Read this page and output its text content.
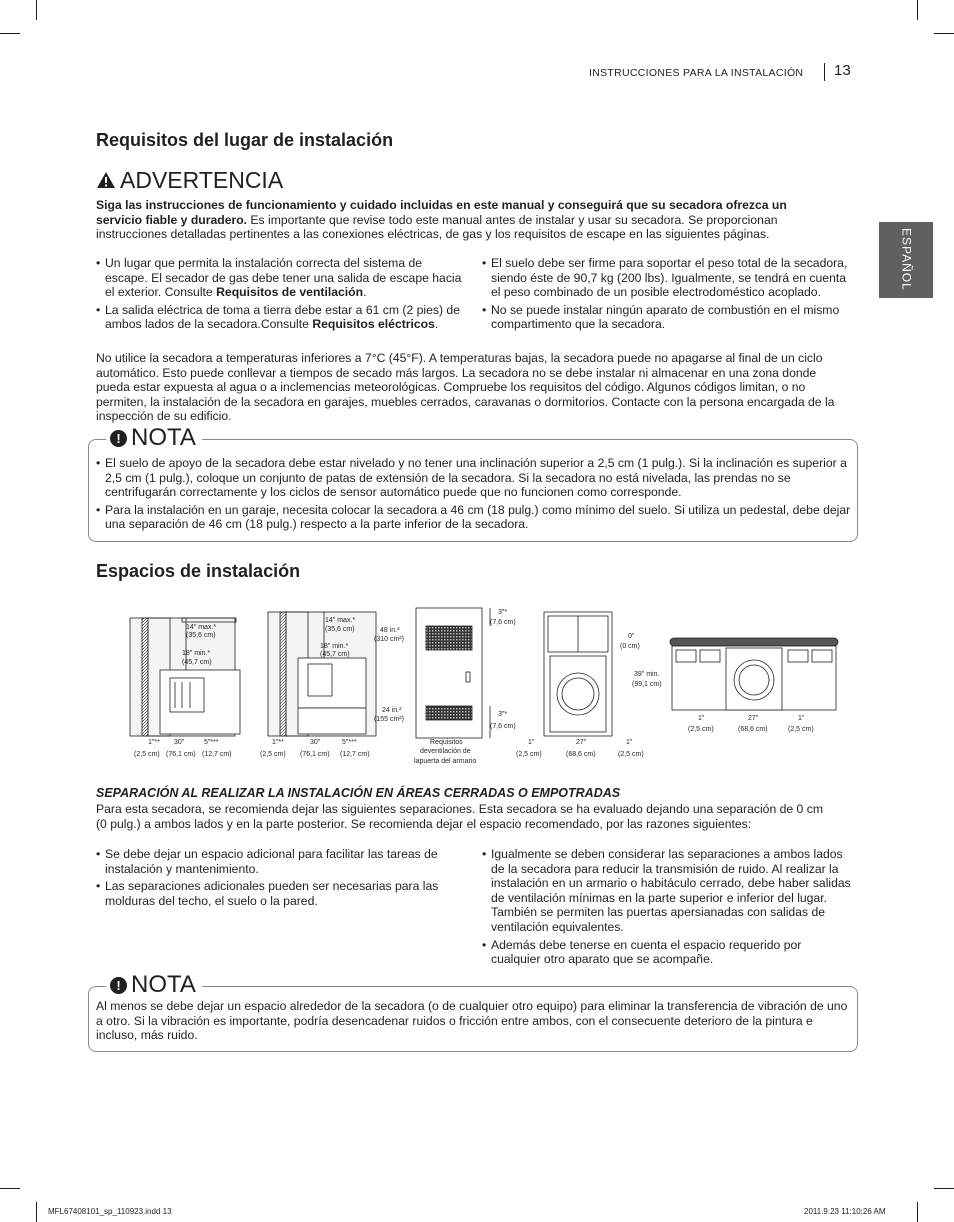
INSTRUCCIONES PARA LA INSTALACIÓN 13
ESPAÑOL
Requisitos del lugar de instalación
ADVERTENCIA
Siga las instrucciones de funcionamiento y cuidado incluidas en este manual y conseguirá que su secadora ofrezca un servicio fiable y duradero. Es importante que revise todo este manual antes de instalar y usar su secadora. Se proporcionan instrucciones detalladas pertinentes a las conexiones eléctricas, de gas y los requisitos de escape en las siguientes páginas.
• Un lugar que permita la instalación correcta del sistema de escape. El secador de gas debe tener una salida de escape hacia el exterior. Consulte Requisitos de ventilación.
• La salida eléctrica de toma a tierra debe estar a 61 cm (2 pies) de ambos lados de la secadora.Consulte Requisitos eléctricos.
• El suelo debe ser firme para soportar el peso total de la secadora, siendo éste de 90,7 kg (200 lbs). Igualmente, se tendrá en cuenta el peso combinado de un posible electrodoméstico acoplado.
• No se puede instalar ningún aparato de combustión en el mismo compartimento que la secadora.
No utilice la secadora a temperaturas inferiores a 7°C (45°F). A temperaturas bajas, la secadora puede no apagarse al final de un ciclo automático. Esto puede conllevar a tiempos de secado más largos. La secadora no se debe instalar ni almacenar en una zona donde pueda estar expuesta al agua o a inclemencias meteorológicas. Compruebe los requisitos del código. Algunos códigos limitan, o no permiten, la instalación de la secadora en garajes, muebles cerrados, caravanas o dormitorios. Contacte con la persona encargada de la inspección de su edificio.
! NOTA
• El suelo de apoyo de la secadora debe estar nivelado y no tener una inclinación superior a 2,5 cm (1 pulg.). Si la inclinación es superior a 2,5 cm (1 pulg.), coloque un conjunto de patas de extensión de la secadora. Si la secadora no está nivelada, las prendas no se centrifugarán correctamente y los ciclos de sensor automático puede que no funcionen como corresponde.
• Para la instalación en un garaje, necesita colocar la secadora a 46 cm (18 pulg.) como mínimo del suelo. Si utiliza un pedestal, debe dejar una separación de 46 cm (18 pulg.) respecto a la parte inferior de la secadora.
Espacios de instalación
14" max.*
(35,6 cm)
18" min.*
(45,7 cm)
1"** 30"	5"***
(2,5 cm) (76,1 cm) (12,7 cm)
14" max.*
(35,6 cm)
18" min.*
(45,7 cm)
1"**	30"	5"***
(2,5 cm) (76,1 cm) (12,7 cm)
48 in.²
(310 cm²)
24 in.²
(155 cm²)
3"*
(7,6 cm)
3"*
(7,6 cm)
Requisitos
deventilación de
lapuerta del armario
1"	27"	1"
(2,5 cm)	(68,6 cm)	(2,5 cm)
0"
(0 cm)
39" min.
(99,1 cm)
1"	27"	1"
(2,5 cm)	(68,6 cm)	(2,5 cm)
SEPARACIÓN AL REALIZAR LA INSTALACIÓN EN ÁREAS CERRADAS O EMPOTRADAS
Para esta secadora, se recomienda dejar las siguientes separaciones. Esta secadora se ha evaluado dejando una separación de 0 cm (0 pulg.) a ambos lados y en la parte posterior. Se recomienda dejar el espacio recomendado, por las razones siguientes:
• Se debe dejar un espacio adicional para facilitar las tareas de instalación y mantenimiento.
• Las separaciones adicionales pueden ser necesarias para las molduras del techo, el suelo o la pared.
• Igualmente se deben considerar las separaciones a ambos lados de la secadora para reducir la transmisión de ruido. Al realizar la instalación en un armario o habitáculo cerrado, debe haber salidas de ventilación mínimas en la parte superior e inferior del lugar. También se permiten las puertas apersianadas con salidas de ventilación equivalentes.
• Además debe tenerse en cuenta el espacio requerido por cualquier otro aparato que se acompañe.
! NOTA
Al menos se debe dejar un espacio alrededor de la secadora (o de cualquier otro equipo) para eliminar la transferencia de vibración de uno a otro. Si la vibración es importante, podría desencadenar ruidos o fricción entre ambos, con el consecuente deterioro de la pintura e incluso, más ruido.
MFL67408101_sp_110923.indd 13	2011.9.23 11:10:26 AM
